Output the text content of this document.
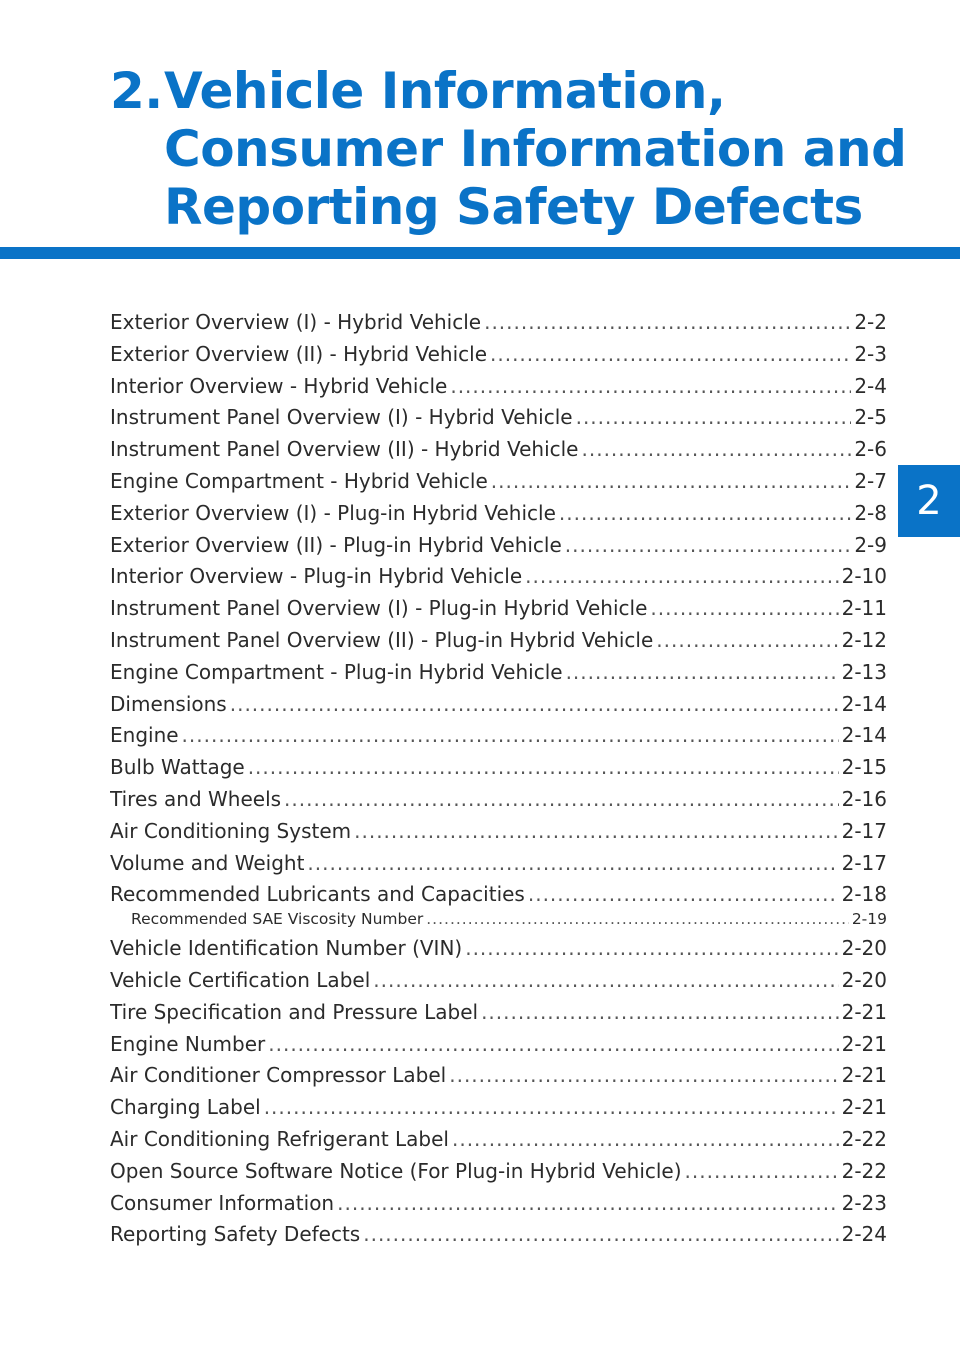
2.Vehicle Information,
Consumer Information and
Reporting Safety Defects
2
Exterior Overview (I) - Hybrid Vehicle .....	2-2
Exterior Overview (II) - Hybrid Vehicle .....	2-3
Interior Overview - Hybrid Vehicle .....	2-4
Instrument Panel Overview (I) - Hybrid Vehicle .....	2-5
Instrument Panel Overview (II) - Hybrid Vehicle .....	2-6
Engine Compartment - Hybrid Vehicle .....	2-7
Exterior Overview (I) - Plug-in Hybrid Vehicle .....	2-8
Exterior Overview (II) - Plug-in Hybrid Vehicle .....	2-9
Interior Overview - Plug-in Hybrid Vehicle .....	2-10
Instrument Panel Overview (I) - Plug-in Hybrid Vehicle .....	2-11
Instrument Panel Overview (II) - Plug-in Hybrid Vehicle .....	2-12
Engine Compartment - Plug-in Hybrid Vehicle .....	2-13
Dimensions .....	2-14
Engine .....	2-14
Bulb Wattage .....	2-15
Tires and Wheels .....	2-16
Air Conditioning System .....	2-17
Volume and Weight .....	2-17
Recommended Lubricants and Capacities .....	2-18
Recommended SAE Viscosity Number .....	2-19
Vehicle Identification Number (VIN) .....	2-20
Vehicle Certification Label .....	2-20
Tire Specification and Pressure Label .....	2-21
Engine Number .....	2-21
Air Conditioner Compressor Label .....	2-21
Charging Label .....	2-21
Air Conditioning Refrigerant Label .....	2-22
Open Source Software Notice (For Plug-in Hybrid Vehicle) .....	2-22
Consumer Information .....	2-23
Reporting Safety Defects .....	2-24
